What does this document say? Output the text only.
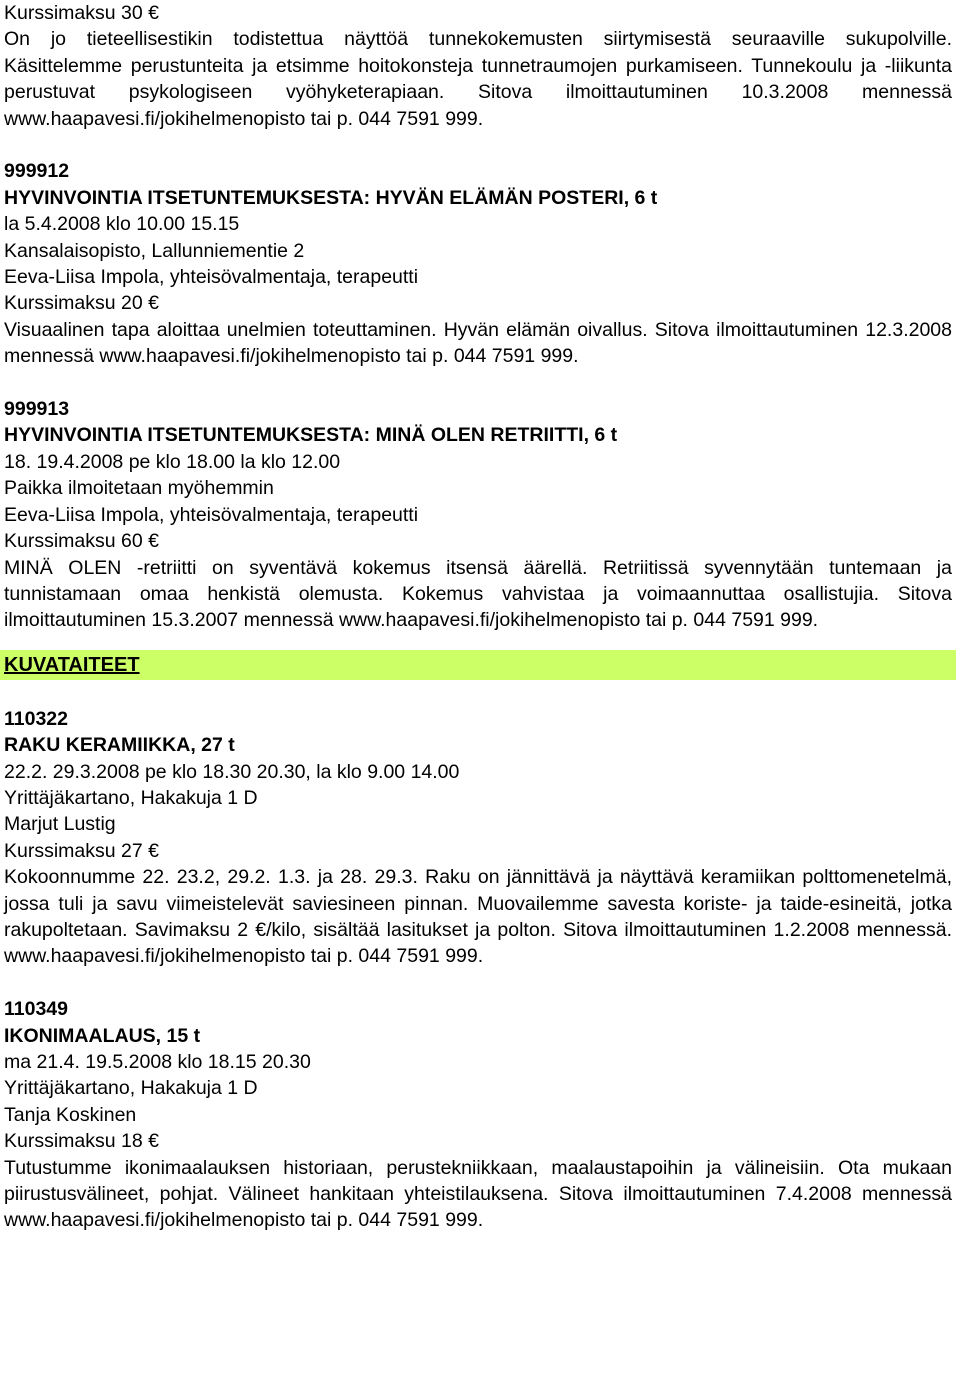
Kurssimaksu 30 €

On jo tieteellisestikin todistettua näyttöä tunnekokemusten siirtymisestä seuraaville sukupolville. Käsittelemme perustunteita ja etsimme hoitokonsteja tunnetraumojen purkamiseen. Tunnekoulu ja -liikunta perustuvat psykologiseen vyöhyketerapiaan. Sitova ilmoittautuminen 10.3.2008 mennessä www.haapavesi.fi/jokihelmenopisto tai p. 044 7591 999.

999912

HYVINVOINTIA ITSETUNTEMUKSESTA: HYVÄN ELÄMÄN POSTERI, 6 t

la 5.4.2008 klo 10.00 15.15

Kansalaisopisto, Lallunniementie 2

Eeva-Liisa Impola, yhteisövalmentaja, terapeutti

Kurssimaksu 20 €

Visuaalinen tapa aloittaa unelmien toteuttaminen. Hyvän elämän oivallus. Sitova ilmoittautuminen 12.3.2008 mennessä www.haapavesi.fi/jokihelmenopisto tai p. 044 7591 999.

999913

HYVINVOINTIA ITSETUNTEMUKSESTA: MINÄ OLEN RETRIITTI, 6 t

18. 19.4.2008 pe klo 18.00 la klo 12.00

Paikka ilmoitetaan myöhemmin

Eeva-Liisa Impola, yhteisövalmentaja, terapeutti

Kurssimaksu 60 €

MINÄ OLEN -retriitti on syventävä kokemus itsensä äärellä. Retriitissä syvennytään tuntemaan ja tunnistamaan omaa henkistä olemusta. Kokemus vahvistaa ja voimaannuttaa osallistujia. Sitova ilmoittautuminen 15.3.2007 mennessä www.haapavesi.fi/jokihelmenopisto tai p. 044 7591 999.

KUVATAITEET

110322

RAKU KERAMIIKKA, 27 t

22.2. 29.3.2008 pe klo 18.30 20.30, la klo 9.00 14.00

Yrittäjäkartano, Hakakuja 1 D

Marjut Lustig

Kurssimaksu 27 €

Kokoonnumme 22. 23.2, 29.2. 1.3. ja 28. 29.3. Raku on jännittävä ja näyttävä keramiikan polttomenetelmä, jossa tuli ja savu viimeistelevät saviesineen pinnan. Muovailemme savesta koriste- ja taide-esineitä, jotka rakupoltetaan. Savimaksu 2 €/kilo, sisältää lasitukset ja polton. Sitova ilmoittautuminen 1.2.2008 mennessä. www.haapavesi.fi/jokihelmenopisto tai p. 044 7591 999.

110349

IKONIMAALAUS, 15 t

ma 21.4. 19.5.2008 klo 18.15 20.30

Yrittäjäkartano, Hakakuja 1 D

Tanja Koskinen

Kurssimaksu 18 €

Tutustumme ikonimaalauksen historiaan, perustekniikkaan, maalaustapoihin ja välineisiin. Ota mukaan piirustusvälineet, pohjat. Välineet hankitaan yhteistilauksena. Sitova ilmoittautuminen 7.4.2008 mennessä www.haapavesi.fi/jokihelmenopisto tai p. 044 7591 999.
